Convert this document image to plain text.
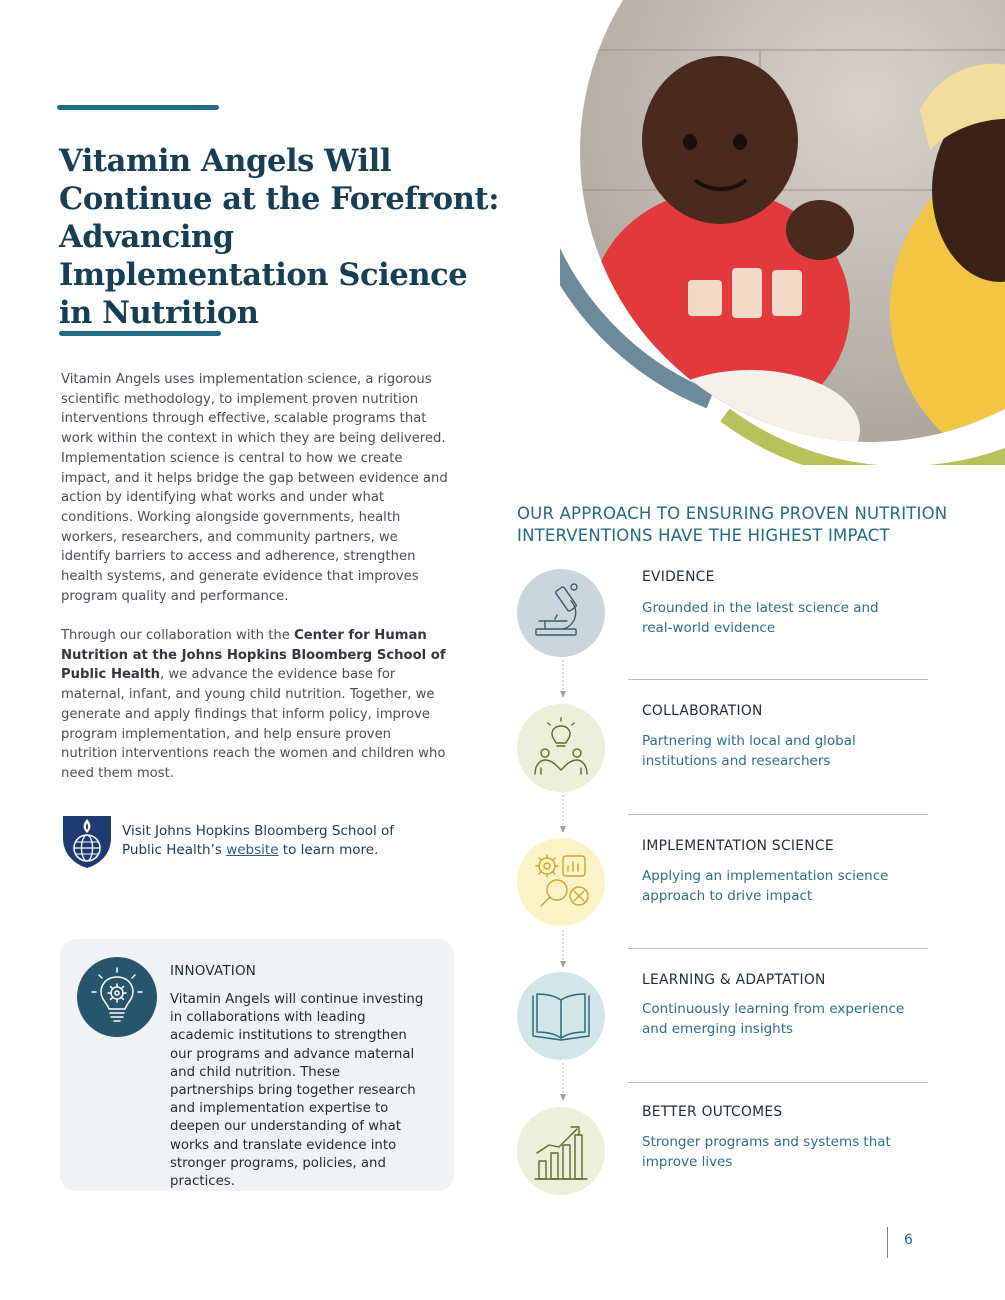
Vitamin Angels Will Continue at the Forefront: Advancing Implementation Science in Nutrition

Vitamin Angels uses implementation science, a rigorous scientific methodology, to implement proven nutrition interventions through effective, scalable programs that work within the context in which they are being delivered. Implementation science is central to how we create impact, and it helps bridge the gap between evidence and action by identifying what works and under what conditions. Working alongside governments, health workers, researchers, and community partners, we identify barriers to access and adherence, strengthen health systems, and generate evidence that improves program quality and performance.

Through our collaboration with the Center for Human Nutrition at the Johns Hopkins Bloomberg School of Public Health, we advance the evidence base for maternal, infant, and young child nutrition. Together, we generate and apply findings that inform policy, improve program implementation, and help ensure proven nutrition interventions reach the women and children who need them most.

Visit Johns Hopkins Bloomberg School of Public Health’s website to learn more.
INNOVATION
Vitamin Angels will continue investing in collaborations with leading academic institutions to strengthen our programs and advance maternal and child nutrition. These partnerships bring together research and implementation expertise to deepen our understanding of what works and translate evidence into stronger programs, policies, and practices.
OUR APPROACH TO ENSURING PROVEN NUTRITION INTERVENTIONS HAVE THE HIGHEST IMPACT
EVIDENCE
Grounded in the latest science and real-world evidence
COLLABORATION
Partnering with local and global institutions and researchers
IMPLEMENTATION SCIENCE
Applying an implementation science approach to drive impact
LEARNING & ADAPTATION
Continuously learning from experience and emerging insights
BETTER OUTCOMES
Stronger programs and systems that improve lives
6
